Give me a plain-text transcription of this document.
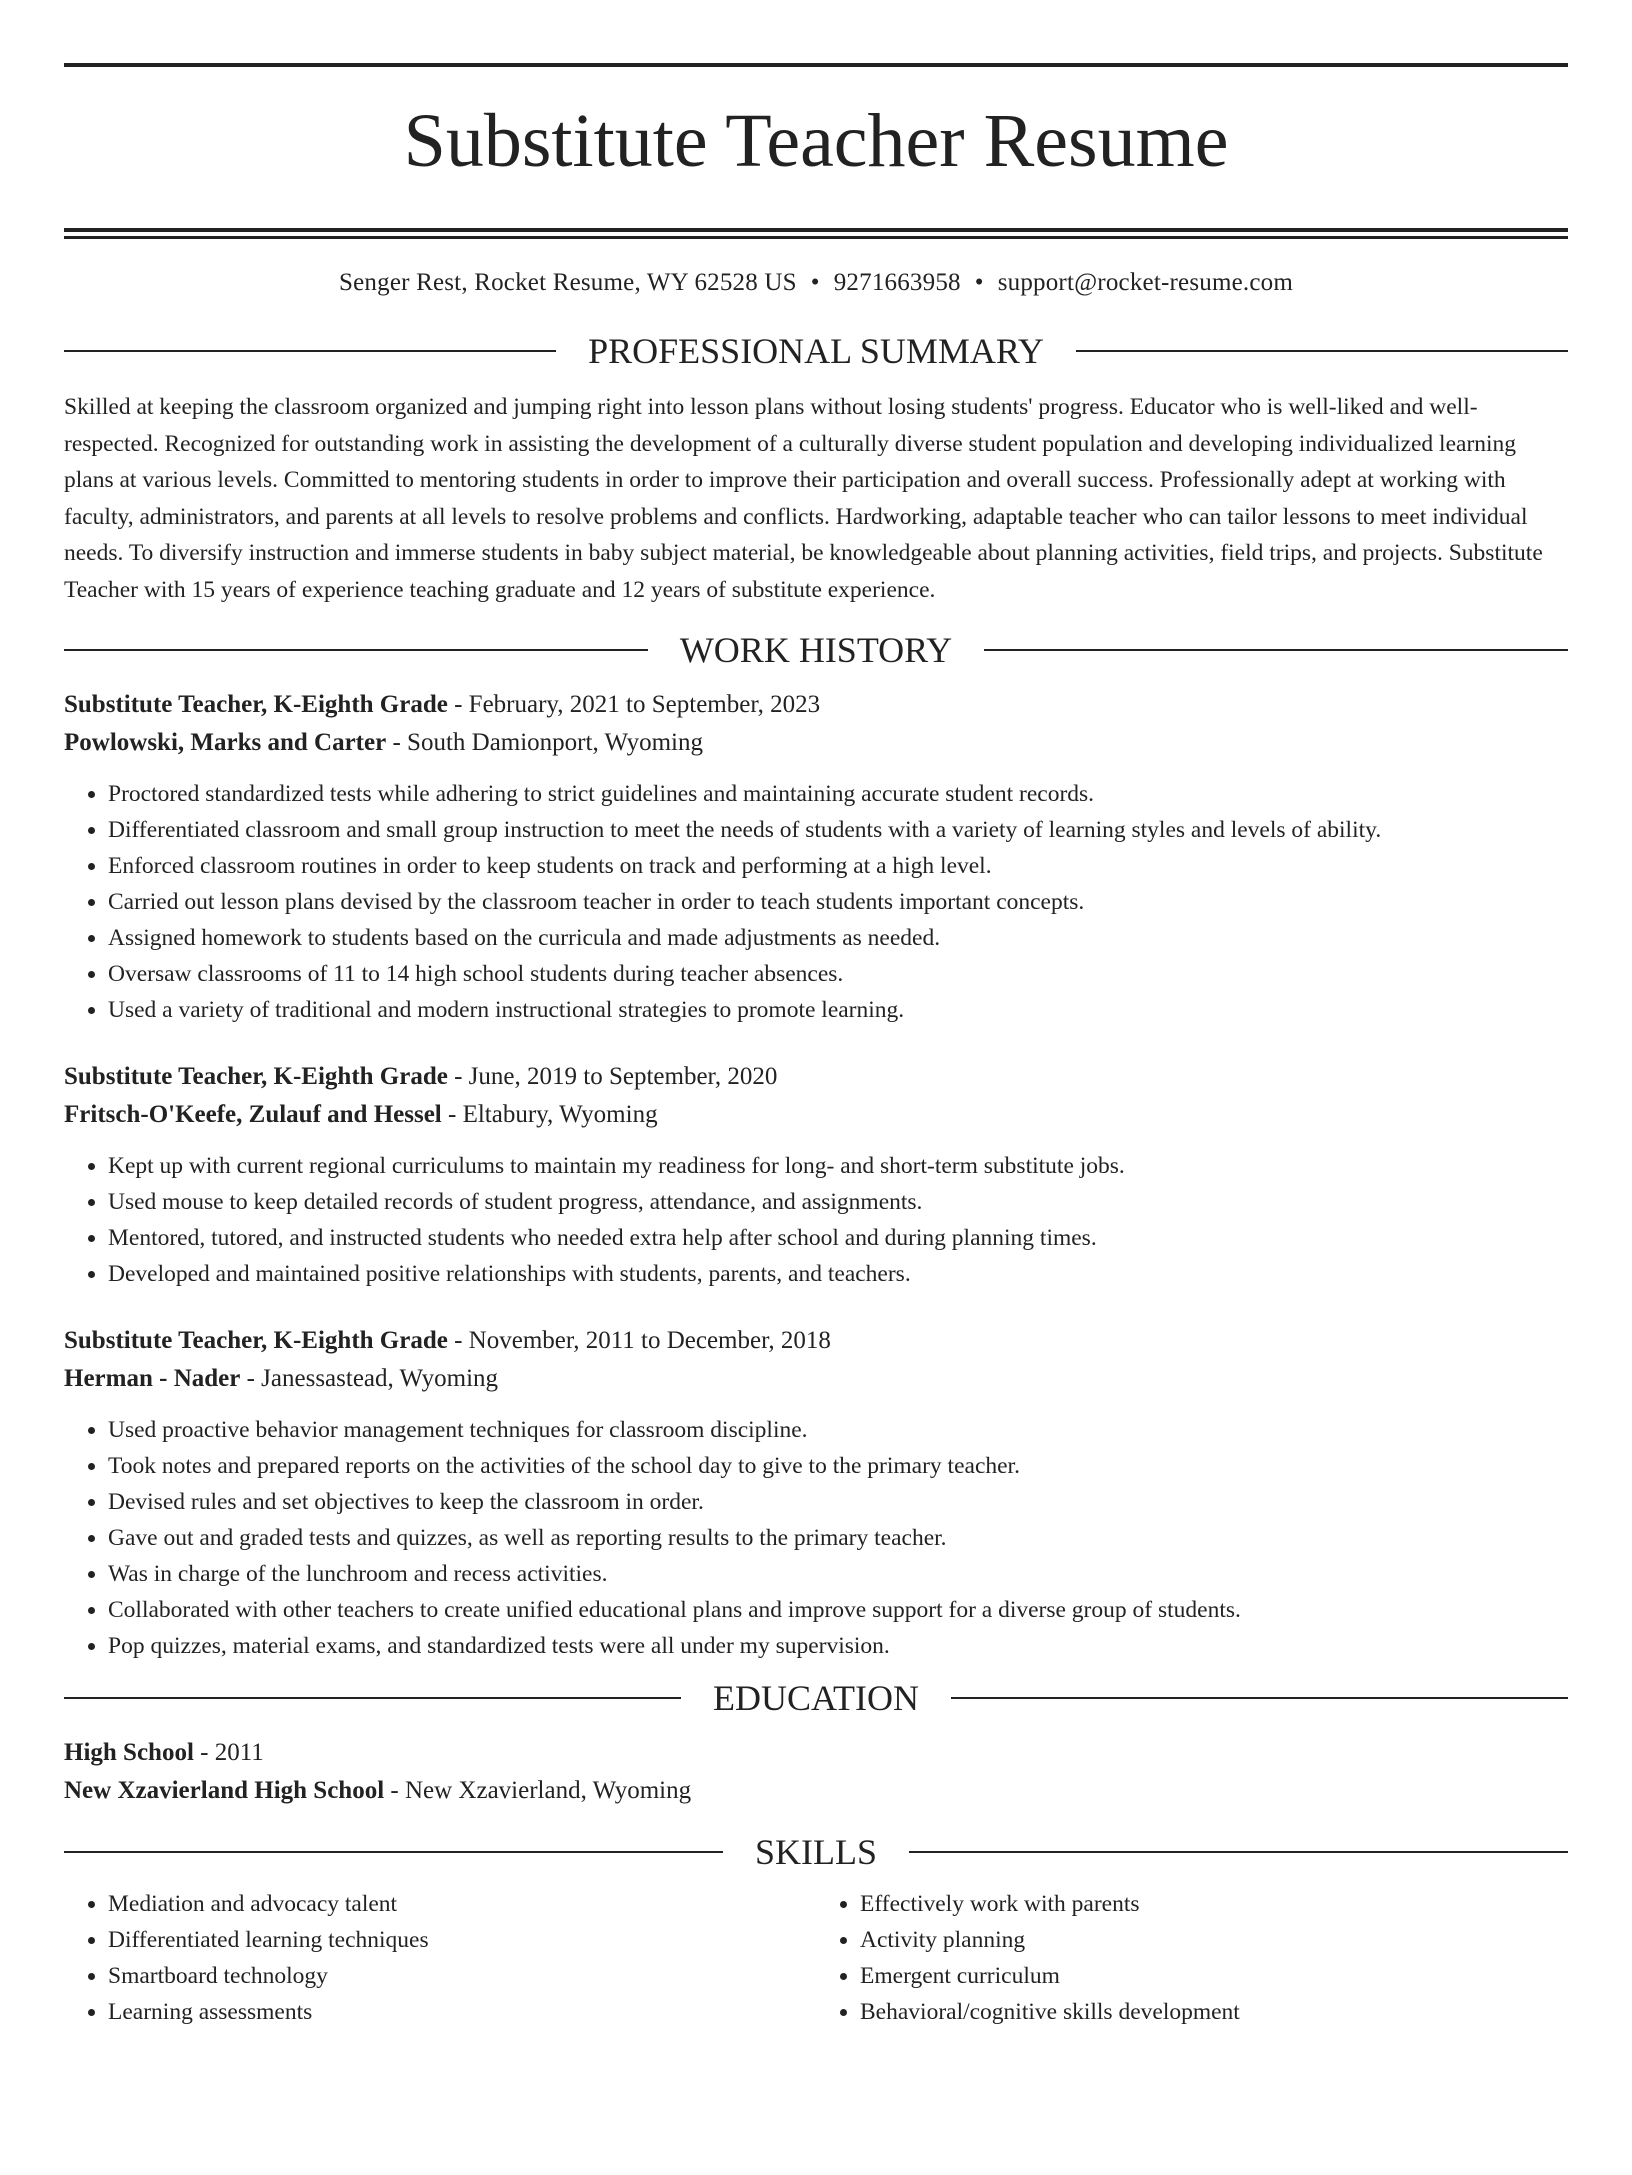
Substitute Teacher Resume
Senger Rest, Rocket Resume, WY 62528 US • 9271663958 • support@rocket-resume.com
PROFESSIONAL SUMMARY

Skilled at keeping the classroom organized and jumping right into lesson plans without losing students' progress. Educator who is well-liked and well-respected. Recognized for outstanding work in assisting the development of a culturally diverse student population and developing individualized learning plans at various levels. Committed to mentoring students in order to improve their participation and overall success. Professionally adept at working with faculty, administrators, and parents at all levels to resolve problems and conflicts. Hardworking, adaptable teacher who can tailor lessons to meet individual needs. To diversify instruction and immerse students in baby subject material, be knowledgeable about planning activities, field trips, and projects. Substitute Teacher with 15 years of experience teaching graduate and 12 years of substitute experience.

WORK HISTORY
Substitute Teacher, K-Eighth Grade - February, 2021 to September, 2023
Powlowski, Marks and Carter - South Damionport, Wyoming
• Proctored standardized tests while adhering to strict guidelines and maintaining accurate student records.
• Differentiated classroom and small group instruction to meet the needs of students with a variety of learning styles and levels of ability.
• Enforced classroom routines in order to keep students on track and performing at a high level.
• Carried out lesson plans devised by the classroom teacher in order to teach students important concepts.
• Assigned homework to students based on the curricula and made adjustments as needed.
• Oversaw classrooms of 11 to 14 high school students during teacher absences.
• Used a variety of traditional and modern instructional strategies to promote learning.
Substitute Teacher, K-Eighth Grade - June, 2019 to September, 2020
Fritsch-O'Keefe, Zulauf and Hessel - Eltabury, Wyoming
• Kept up with current regional curriculums to maintain my readiness for long- and short-term substitute jobs.
• Used mouse to keep detailed records of student progress, attendance, and assignments.
• Mentored, tutored, and instructed students who needed extra help after school and during planning times.
• Developed and maintained positive relationships with students, parents, and teachers.
Substitute Teacher, K-Eighth Grade - November, 2011 to December, 2018
Herman - Nader - Janessastead, Wyoming
• Used proactive behavior management techniques for classroom discipline.
• Took notes and prepared reports on the activities of the school day to give to the primary teacher.
• Devised rules and set objectives to keep the classroom in order.
• Gave out and graded tests and quizzes, as well as reporting results to the primary teacher.
• Was in charge of the lunchroom and recess activities.
• Collaborated with other teachers to create unified educational plans and improve support for a diverse group of students.
• Pop quizzes, material exams, and standardized tests were all under my supervision.
EDUCATION
High School - 2011
New Xzavierland High School - New Xzavierland, Wyoming
SKILLS
• Mediation and advocacy talent
• Differentiated learning techniques
• Smartboard technology
• Learning assessments
• Effectively work with parents
• Activity planning
• Emergent curriculum
• Behavioral/cognitive skills development
